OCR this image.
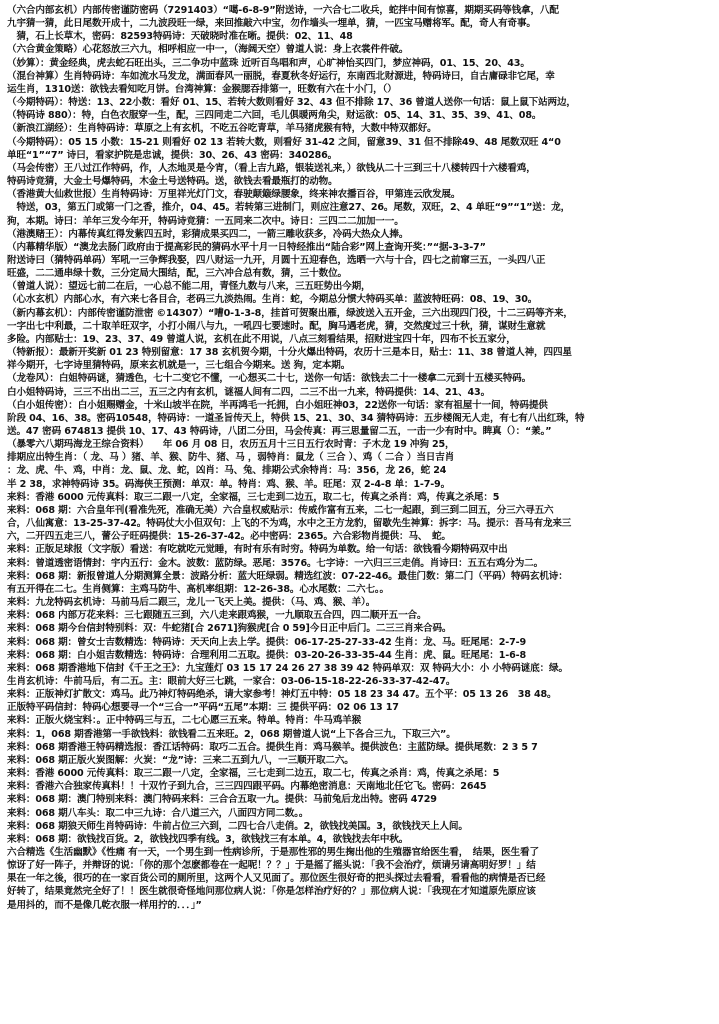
（六合内部玄机）内部传密谨防密码（7291403）“噶-6-8-9”附送诗，一六合七二收兵，蛇拌中间有惊喜，期期买码等钱拿，八配
九宇猜一猜，此日尾数开成十，二九波段旺一绿，来回推敲六中宝，勿作墙头一埋单，猜，一匹宝马赠将军。配，奇人有奇事。
　猜，石上长草木，密码：82593特码诗：天破晓时准在晰。提供：02、11、48
（六合黄金策略）心花怒放三六九，相呼相应一中一，（海阔天空）曾道人说：身上衣裳件件破。
（妙算）：黄金经典，虎去蛇石旺出头，三二争功中蓝珠 近听百鸟唱和声，心旷神怡买四门，梦应神码，01、15、20、43。
（混台神算）生肖特码诗：车如流水马发龙，满面春风一丽脱，春夏秋冬好运行，东南西北财源进，特码诗曰，自古庸碌非它尾，幸
运生肖，1310送：欲钱去看知吃月饼。台湾神算：金猴腮吞排第一，旺数有六在十小门，（）
（今期特码）：特送：13、22小数：看好 01、15、若转大数则看好 32、43 但不排除 17、36 曾道人送你一句话：鼠上鼠下站两边，
（特码诗 880）：特，白色衣服穿一生，配，三四同走二六回，毛儿俱暖两角尖，财运欲：05、14、31、35、39、41、08。
（新浪江湖经）：生肖特码诗：草原之上有玄机，不吃五谷吃青草，羊马猪虎猴有特，大数中特双都好。
（今期特码）：05 15 小数：15-21 则看好 02 13 若转大数，则看好 31-42 之间，留意39、31 但不排除49、48 尾数双旺 4“0
单旺“1”“7” 诗曰，看家护院是忠诚，提供：30、26、43 密码：340286。
（马会传密）王八过江作特码，作，人杰地灵是今宵，（看上吉九路，银装送礼来，）欲钱从二十三到三十八楼转四十六楼看鸡，
特码诗竞猜，大金土号爆特码，木金土号送特码。送，欲钱去看最瓶打的动物。
（香港黄大仙救世报）生肖特码诗：万里祥光灯门文，春驶颠簸绿腰象，终来神农播百谷，甲第连云欣发展。
　特送，03，第五门或第一门之香，推介，04、45。若转第三进制门，则应注意27、26。尾数，双旺，2、4 单旺“9”“1”送：龙，
狗，本期。诗曰：羊年三发今年开，特码诗竞猜：一五同来二次中。诗日：三四二二加加一一。
（港澳赌王）：内幕传真红得发紫四五时，彩猜成果买四二，一箭三雕收获多，冷码大热众人捧。
（内幕精华版）“澳龙去肠门政府由于提高彩民的猜码水平十月一日特经推出“陆合彩”网上查询开奖：”“据-3-3-7”
附送诗曰（猜特码单码）军吼一三争辉我娶，四八财运一九开，月圆十五迎春色，选晒一六与十合，四七之前窜三五，一头四八正
旺盛，二二通串绿十数，三分定局大围结，配，三六冲合总有数，猜，三十数位。
（曾道人说）：望远七前二在后，一心总不能二用，青怪九数与八来，三五旺势出今期，
（心水玄机）内部心水，有六来七各目合，老码三九淡热闹。生肖：蛇，今期总分惯大特码买单：蓝波特旺码：08、19、30。
（新内幕玄机）：内部传密谨防泄密 ©14307）“嘈0-1-3-8，挂首可贺聚出雁，绿波送入五开金，三六出现四门役，十二三码等齐来，
一字出七中利最，二十取羊旺双字，小打小闹八与九，一吼四七要速时。配，胸马遇老虎，猜，交然度过三十秋，猜，谋财生意就
多险。内部贴士：19、23、37、49 曾道人说，玄机在此不用说，八点三刻看结果，招财进宝四十年，四布不长五家分，
（特新报）：最新开奖新 01 23 特别留意：17 38 玄机贺今期，十分火爆出特码，农历十三是本日，贴士：11、38 曾道人神，四四星
祥今期开，七字诗里猜特码，原来玄机就是一，三七组合今期来。送 狗，定本期。
（龙卷风）：白姐特码谜，猜透色，七十二变它不懂，一心想买二十七，送你一句话：欲钱去二十一楼拿二元到十五楼买特码。
白小姐特码诗，三三不出出二三，五三之内有玄机，谜福人间有二四，二三不出一九来，特码提供：14、21、43。
（白小姐传密）：白小姐赐赠金，十米山坡半在院，半再鸿毛一托拥，白小姐旺神03，22送你一句话：家有祖屋十一间，特码提供
阶段 04、16、38。密码10548，特码诗：一道圣旨传天上，特供 15、21、30、34 猜特码诗：五步楼阁无人走，有七有八出红珠，特
送。47 密码 674813 提供 10、17、43 特码诗，八团二分田，马会传真：再三思量留二五，一击一少有时中。睥真（）：“羕。”
（暴零六八期玛海龙王综合资料）　　年 06 月 08 日，农历五月十三日五行农时青：子木龙 19 冲狗 25，
排期应出特生肖：（ 龙、马 ）猪、羊、猴、防牛、猪、马 ，弱特肖：鼠龙（ 三合 ）、鸡（ 二合 ）当日吉肖
：龙、虎、牛、鸡，中肖：龙、鼠、龙、蛇，凶肖：马、兔、排期公式余特肖：马：356，龙 26，蛇 24
半 2 38，求神特码诗 35。码海侠王预测：单双：单。特肖：鸡、猴、羊。旺尾：双 2-4-8 单：1-7-9。
来料：香港 6000 元传真料：取三二跟一八定，全家福，三七走到二边五，取二七，传真之杀肖：鸡，传真之杀尾：5
来料：068 期：六合皇年刊(看准先死，准确无美）六合皇权威贴示：传威作富有五来，二七一起跟，到三到二回五，分三六寻五六
合，八仙寓意：13-25-37-42。特码仗大小但双句：上飞的不为鸡，水中之王方龙豹，留歇先生神算：拆字：马。提示：吾马有龙来三
六，二开四五走三八，蕾公子旺码提供：15-26-37-42。必中密码：2365。六合彩物肖提供：马、　蛇。
来料：正版足球报（文字版）看送：有吃就吃元觉睡，有时有乐有时穷。特码为单数。给一句话：欲钱看今期特码双中出
来料：曾道透密语情封：宇内五行：金木。波数：蓝防绿。恶尾：3576。七字诗：一六归三三走俏。肖诗曰：五五右鸡分为二。
来料：068 期：新报曾道人分期测算全景：波路分析：蓝大旺绿弱。精选红波：07-22-46。最佳门数：第二门（平码）特码玄机诗：
有五开得在二七。生肖侧算：主鸡马防牛、高机率组期：12-26-38。心水尾数：二六七。。
来料：九龙特码玄机诗：马前马后二跟三，龙儿一飞天上美。提供：（马、鸡、猴、羊）。
来料：068 内部万花来料：三七跟随五三到，六八走来跟鸡猴，一九顺取五合四，四二顺开五一合。
来料：068 期今台信封特别料：双：牛蛇猪[合 2671]狗猴虎[合 0 59]今日正中后门。二三三肖来合码。
来料：068 期：曾女士吉数精选：特码诗：天天向上去上学。提供：06-17-25-27-33-42 生肖：龙、马。旺尾尾：2-7-9
来料：068 期：白小姐吉数精选：特码诗：合理利用二五取。提供：03-20-26-33-35-44 生肖：虎、鼠。旺尾尾：1-6-8
来料：068 期香港地下信封《千王之王》：九宝莲灯 03 15 17 24 26 27 38 39 42 特码单双：双 特码大小：小 小特码谜底：绿。
生肖玄机诗：牛前马后，有二五。主：眼前大好三七跳，一家合：03-06-15-18-22-26-33-37-42-47。
来料：正版神灯扩散文：鸡马。此乃神灯特码绝杀，请大家参考！神灯五中特：05 18 23 34 47。五个平：05 13 26　38 48。
正版特平码信封：特码心想要寻一个“三合一”平码“五尾”本期：三 提供平码：02 06 13 17
来料：正版火烧宝料：。正中特码三与五，二七心愿三五来。特单。特肖：牛马鸡羊猴
来料：1，068 期香港第一手欲钱料：欲钱看二五来旺。2，068 期曾道人说“上下各合三九，下取三六”。
来料：068 期香港王特码精选报：香江话特码：取巧二五合。提供生肖：鸡马猴羊。提供波色：主蓝防绿。提供尾数：2 3 5 7
来料：068 期正版火炭图解：火炭：“龙”诗：三来二五到九八，一三顺开取二六。
来料：香港 6000 元传真料：取三二跟一八定，全家福，三七走到二边五，取二七，传真之杀肖：鸡，传真之杀尾：5
来料：香港六合独家传真料！！十双竹子到九合，三三四四跟平码。内幕绝密消息：天南地北任它飞。密码：2645
来料：068 期：澳门特别来料：澳门特码来料：三合合五取一九。提供：马前兔后龙出特。密码 4729
来料：068 期八车头：取二中三九诗：合八道三六，八面四方同二数。。
来料：068 期狼天师生肖特码诗：牛前占位三六到，二四七合八走俏。2，欲钱找美国。3，欲钱找天上人间。
来料：068 期：欲钱找百货。2，欲钱找四季有线。3，欲钱找三有本单。4，欲钱找去年中秋。
六合精选《生活幽默》《性痛 有一天，一个男生到一性病诊所，于是那性邪的男生掬出他的生殖器官给医生看，　结果，医生看了
惊讶了好一阵子，并辩讶的说：「你的那个怎麽都卷在一起呢！？？」于是摇了摇头说：「我不会治疗，烦请另请高明好罗！」结
果在一年之後，很巧的在一家百货公司的厕所里，这两个人又见面了。那位医生很好奇的把头探过去看看，看看他的病情是否已经
好转了，结果竟然完全好了！！医生就很奇怪地问那位病人说：「你是怎样治疗好的？」那位病人说：「我现在才知道原先原应该
是用抖的，而不是像几乾衣服一样用拧的．．．」”
